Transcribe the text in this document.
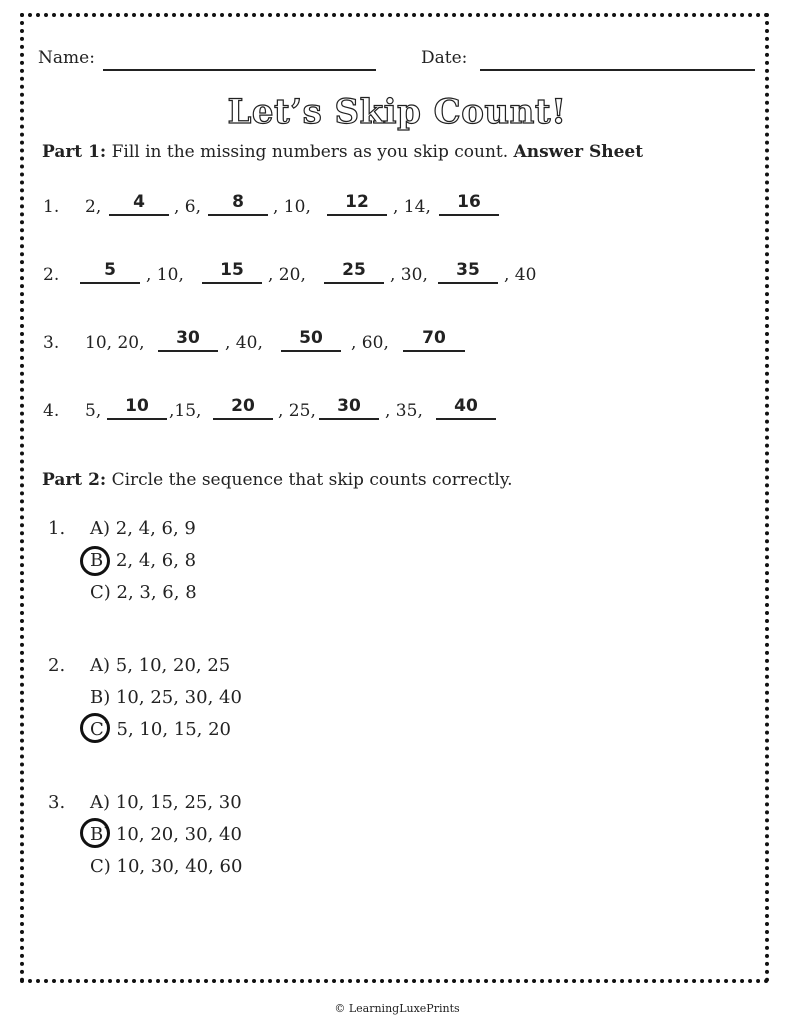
Name:	Date:
Let’s Skip Count!
Part 1: Fill in the missing numbers as you skip count. Answer Sheet
1. 2,	4	, 6,	8	, 10,	12	, 14,	16
2.	5	, 10,	15	, 20,	25	, 30,	35	, 40
3. 10, 20,	30	, 40,	50	, 60,	70
4. 5,	10	,15,	20	, 25,	30	, 35,	40
Part 2: Circle the sequence that skip counts correctly.
1. A) 2, 4, 6, 9
B) 2, 4, 6, 8
C) 2, 3, 6, 8
2. A) 5, 10, 20, 25
B) 10, 25, 30, 40
C) 5, 10, 15, 20
3. A) 10, 15, 25, 30
B) 10, 20, 30, 40
C) 10, 30, 40, 60
© LearningLuxePrints
